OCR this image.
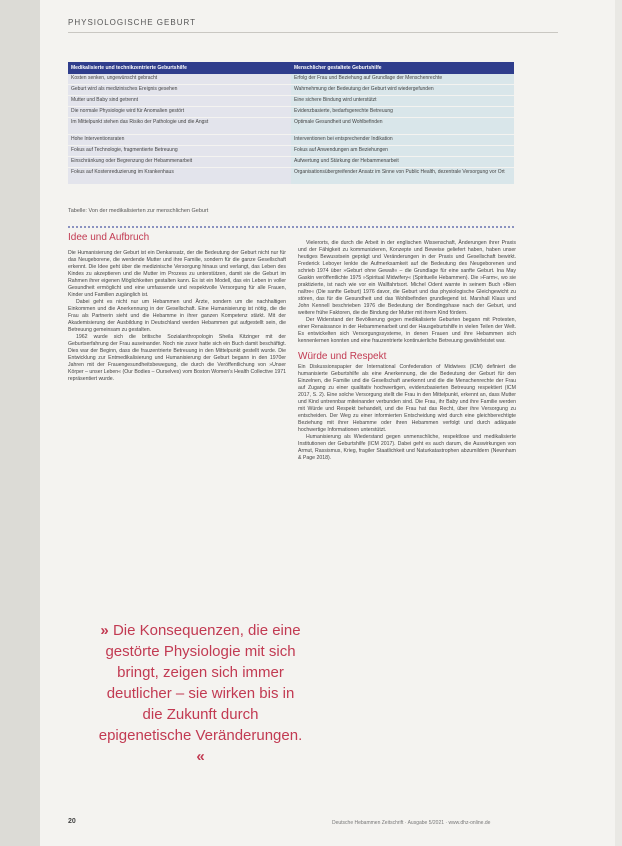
PHYSIOLOGISCHE GEBURT
Medikalisierte und technikzentrierte Geburtshilfe	Menschlicher gestaltete Geburtshilfe
Kosten senken, ungewünscht gebracht	Erfolg der Frau und Beziehung auf Grundlage der Menschenrechte
Geburt wird als medizinisches Ereignis gesehen	Wahrnehmung der Bedeutung der Geburt wird wiedergefunden
Mutter und Baby sind getrennt	Eine sichere Bindung wird unterstützt
Die normale Physiologie wird für Anomalien gestört	Evidenzbasierte, bedarfsgerechte Betreuung
Im Mittelpunkt stehen das Risiko der Pathologie und die Angst	Optimale Gesundheit und Wohlbefinden
Hohe Interventionsraten	Interventionen bei entsprechender Indikation
Fokus auf Technologie, fragmentierte Betreuung	Fokus auf Anwendungen am Beziehungen
Einschränkung oder Begrenzung der Hebammenarbeit	Aufwertung und Stärkung der Hebammenarbeit
Fokus auf Kostenreduzierung im Krankenhaus	Organisationsübergreifender Ansatz im Sinne von Public Health, dezentrale Versorgung vor Ort
Tabelle: Von der medikalisierten zur menschlichen Geburt
Idee und Aufbruch

Die Humanisierung der Geburt ist ein Denkansatz, der die Bedeutung der Geburt nicht nur für das Neugeborene, die werdende Mutter und ihre Familie, sondern für die ganze Gesellschaft erkennt. Die Idee geht über die medizinische Versorgung hinaus und verlangt, das Leben des Kindes zu akzeptieren und die Mutter im Prozess zu unterstützen, damit sie die Geburt im Rahmen ihrer eigenen Möglichkeiten gestalten kann. Es ist ein Modell, das ein Leben in voller Gesundheit ermöglicht und eine umfassende und respektvolle Versorgung für alle Frauen, Kinder und Familien zugänglich ist.

Dabei geht es nicht nur um Hebammen und Ärzte, sondern um die nachhaltigen Einkommen und die Anerkennung in der Gesellschaft. Eine Humanisierung ist nötig, die die Frau als Partnerin sieht und die Hebamme in ihrer ganzen Kompetenz stärkt. Mit der Akademisierung der Ausbildung in Deutschland werden Hebammen gut aufgestellt sein, die Betreuung gemeinsam zu gestalten.

1962 wurde sich die britische Sozialanthropologin Sheila Kitzinger mit der Geburtserfahrung der Frau auseinander. Noch nie zuvor hatte sich ein Buch damit beschäftigt. Dies war der Beginn, dass die frauzentrierte Betreuung in den Mittelpunkt gestellt wurde. Die Entwicklung zur Entmedikalisierung und Humanisierung der Geburt begann in den 1970er Jahren mit der Frauengesundheitsbewegung, die durch die Veröffentlichung von »Unser Körper – unser Leben« (Our Bodies – Ourselves) vom Boston Women's Health Collective 1971 repräsentiert wurde.

» Die Konsequenzen, die eine gestörte Physiologie mit sich bringt, zeigen sich immer deutlicher – sie wirken bis in die Zukunft durch epigenetische Veränderungen. «

Vielerorts, die durch die Arbeit in der englischen Wissenschaft, Änderungen ihrer Praxis und der Fähigkeit zu kommunizieren, Konzepte und Beweise geliefert haben, haben unser heutiges Bewusstsein geprägt und Veränderungen in der Praxis und Gesellschaft bewirkt. Frederick Leboyer lenkte die Aufmerksamkeit auf die Bedeutung des Neugeborenen und schrieb 1974 über »Geburt ohne Gewalt« – die Grundlage für eine sanfte Geburt. Ina May Gaskin veröffentlichte 1975 »Spiritual Midwifery« (Spirituelle Hebammen). Die »Farm«, wo sie praktizierte, ist nach wie vor ein Wallfahrtsort. Michel Odent warnte in seinem Buch »Bien naître« (Die sanfte Geburt) 1976 davor, die Geburt und das physiologische Gleichgewicht zu stören, das für die Gesundheit und das Wohlbefinden grundlegend ist. Marshall Klaus und John Kennell beschrieben 1976 die Bedeutung der Bondingphase nach der Geburt, und weitere frühe Faktoren, die die Bindung der Mutter mit ihrem Kind fördern.

Der Widerstand der Bevölkerung gegen medikalisierte Geburten begann mit Protesten, einer Renaissance in der Hebammenarbeit und der Hausgeburtshilfe in vielen Teilen der Welt. Es entwickelten sich Versorgungssysteme, in denen Frauen und ihre Hebammen sich kennenlernen konnten und eine frauzentrierte kontinuierliche Betreuung gewährleistet war.

Würde und Respekt

Ein Diskussionspapier der International Confederation of Midwives (ICM) definiert die humanisierte Geburtshilfe als eine Anerkennung, die die Bedeutung der Geburt für den Einzelnen, die Familie und die Gesellschaft anerkennt und die die Menschenrechte der Frau auf Zugang zu einer qualitativ hochwertigen, evidenzbasierten Betreuung respektiert (ICM 2017, S. 2). Eine solche Versorgung stellt die Frau in den Mittelpunkt, erkennt an, dass Mutter und Kind untrennbar miteinander verbunden sind. Die Frau, ihr Baby und ihre Familie werden mit Würde und Respekt behandelt, und die Frau hat das Recht, über ihre Versorgung zu entscheiden. Der Weg zu einer informierten Entscheidung wird durch eine gleichberechtigte Beziehung mit ihrer Hebamme oder ihren Hebammen verfolgt und durch adäquate hochwertige Informationen unterstützt.

Humanisierung als Wiederstand gegen unmenschliche, respektlose und medikalisierte Institutionen der Geburtshilfe (ICM 2017). Dabei geht es auch darum, die Auswirkungen von Armut, Rassismus, Krieg, fragiler Staatlichkeit und Naturkatastrophen abzumildern (Newnham & Page 2018).

20	Deutsche Hebammen Zeitschrift · Ausgabe 5/2021 · www.dhz-online.de
